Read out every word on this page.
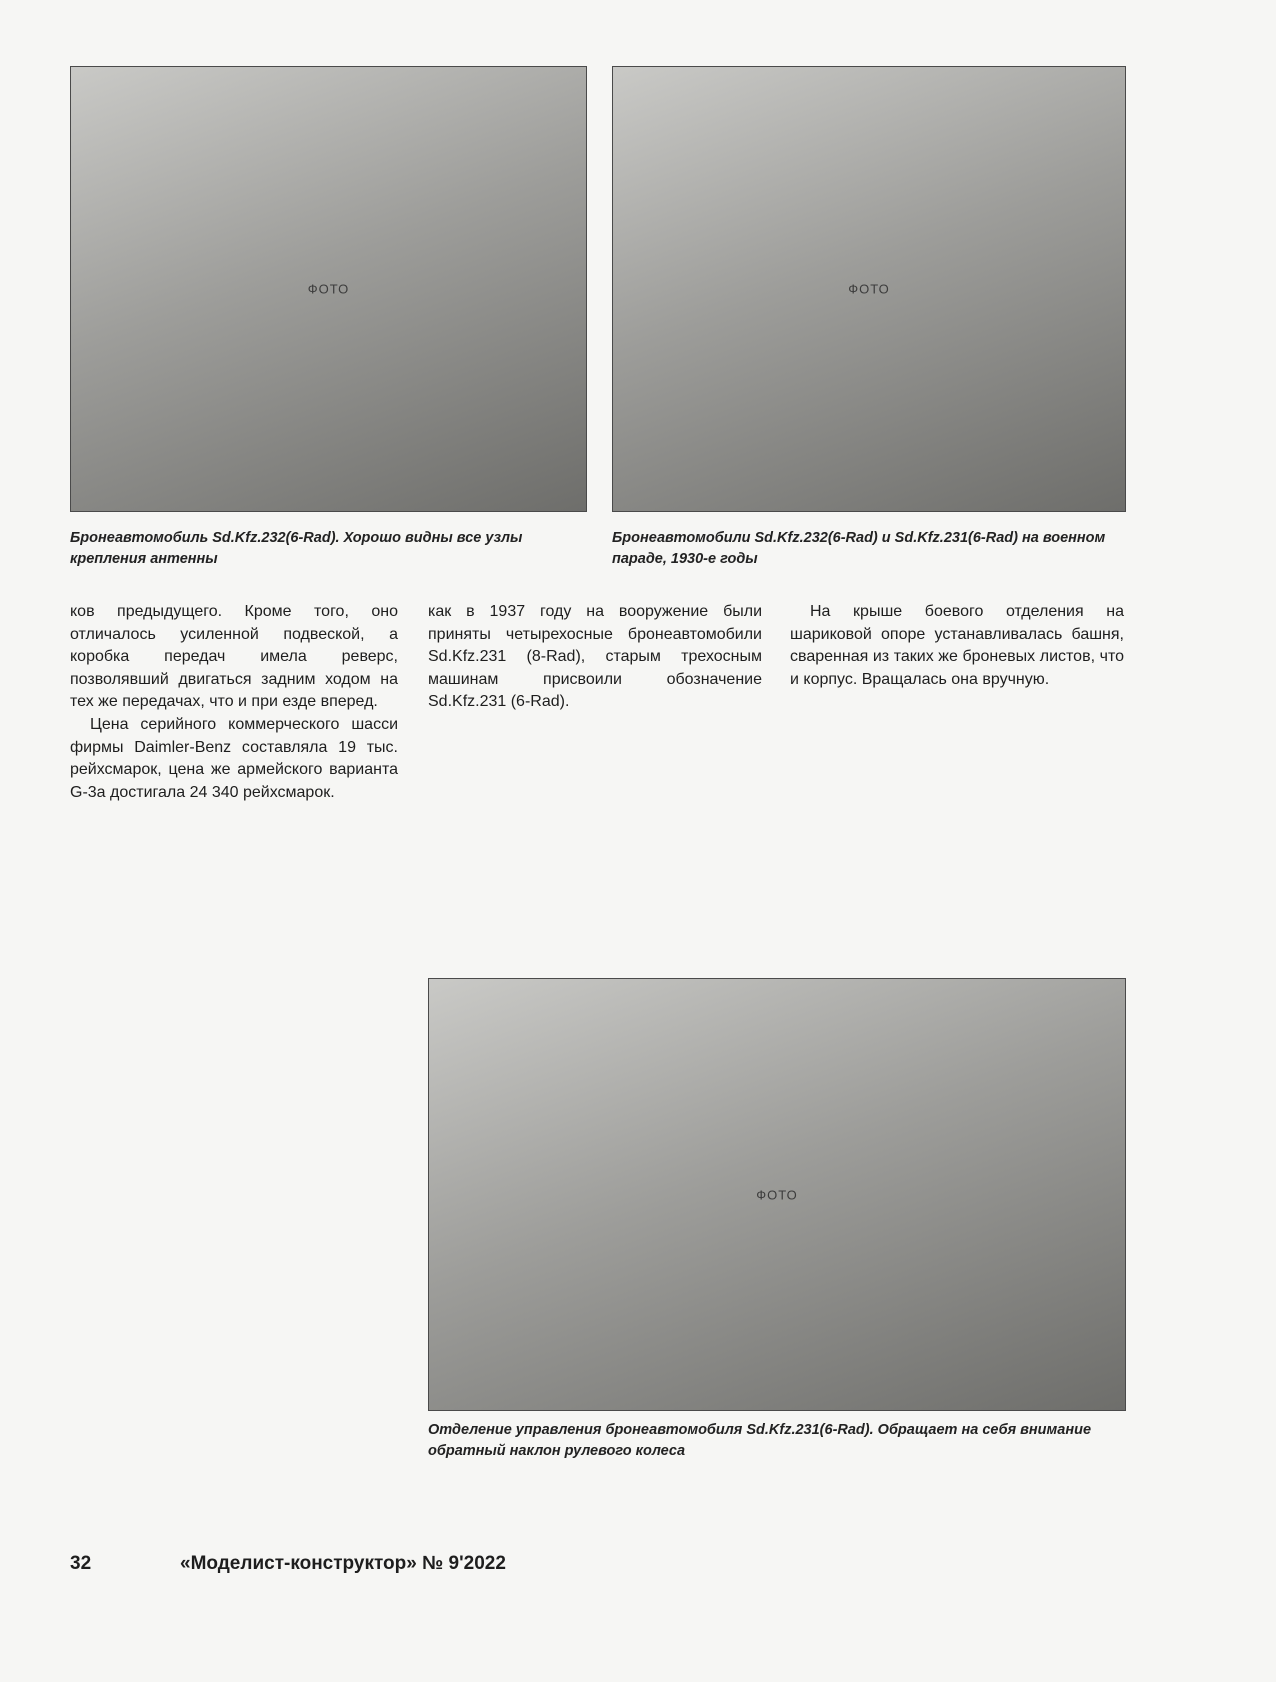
ФОТО
Бронеавтомобиль Sd.Kfz.232(6-Rad). Хорошо видны все узлы крепления антенны
ФОТО
Бронеавтомобили Sd.Kfz.232(6-Rad) и Sd.Kfz.231(6-Rad) на военном параде, 1930-е годы

ков предыдущего. Кроме того, оно отличалось усиленной подвеской, а коробка передач имела реверс, позволявший двигаться задним ходом на тех же передачах, что и при езде вперед.

Цена серийного коммерческого шасси фирмы Daimler-Benz составляла 19 тыс. рейхсмарок, цена же армейского варианта G-3a достигала 24 340 рейхсмарок.

как в 1937 году на вооружение были приняты четырехосные бронеавтомобили Sd.Kfz.231 (8-Rad), старым трехосным машинам присвоили обозначение Sd.Kfz.231 (6-Rad).

На крыше боевого отделения на шариковой опоре устанавливалась башня, сваренная из таких же броневых листов, что и корпус. Вращалась она вручную.

ФОТО
Отделение управления бронеавтомобиля Sd.Kfz.231(6-Rad). Обращает на себя внимание обратный наклон рулевого колеса
32	«Моделист-конструктор» № 9'2022
